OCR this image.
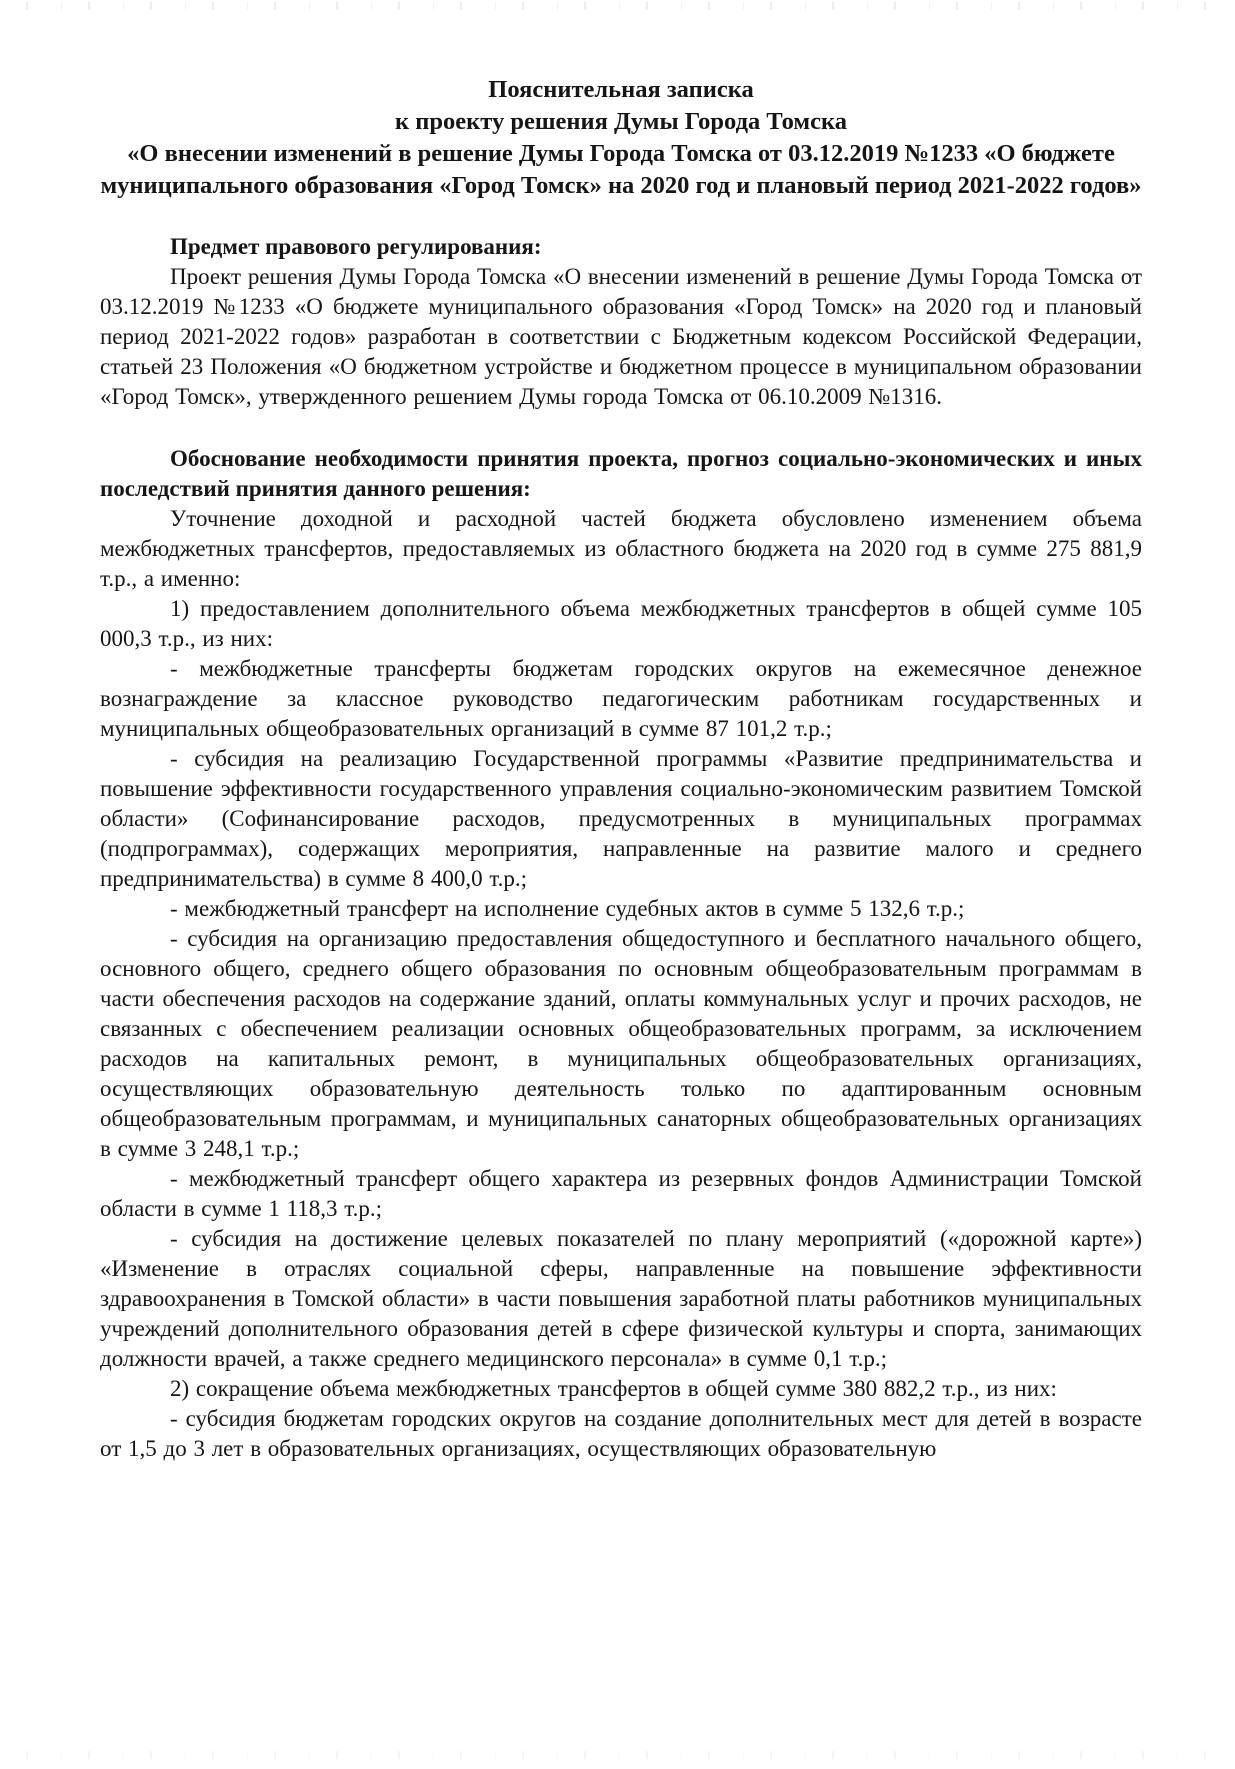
Пояснительная записка
к проекту решения Думы Города Томска
«О внесении изменений в решение Думы Города Томска от 03.12.2019 №1233 «О бюджете муниципального образования «Город Томск» на 2020 год и плановый период 2021-2022 годов»
Предмет правового регулирования:

Проект решения Думы Города Томска «О внесении изменений в решение Думы Города Томска от 03.12.2019 №1233 «О бюджете муниципального образования «Город Томск» на 2020 год и плановый период 2021-2022 годов» разработан в соответствии с Бюджетным кодексом Российской Федерации, статьей 23 Положения «О бюджетном устройстве и бюджетном процессе в муниципальном образовании «Город Томск», утвержденного решением Думы города Томска от 06.10.2009 №1316.

Обоснование необходимости принятия проекта, прогноз социально-экономических и иных последствий принятия данного решения:

Уточнение доходной и расходной частей бюджета обусловлено изменением объема межбюджетных трансфертов, предоставляемых из областного бюджета на 2020 год в сумме 275 881,9 т.р., а именно:

1) предоставлением дополнительного объема межбюджетных трансфертов в общей сумме 105 000,3 т.р., из них:

- межбюджетные трансферты бюджетам городских округов на ежемесячное денежное вознаграждение за классное руководство педагогическим работникам государственных и муниципальных общеобразовательных организаций в сумме 87 101,2 т.р.;

- субсидия на реализацию Государственной программы «Развитие предпринимательства и повышение эффективности государственного управления социально-экономическим развитием Томской области» (Софинансирование расходов, предусмотренных в муниципальных программах (подпрограммах), содержащих мероприятия, направленные на развитие малого и среднего предпринимательства) в сумме 8 400,0 т.р.;

- межбюджетный трансферт на исполнение судебных актов в сумме 5 132,6 т.р.;

- субсидия на организацию предоставления общедоступного и бесплатного начального общего, основного общего, среднего общего образования по основным общеобразовательным программам в части обеспечения расходов на содержание зданий, оплаты коммунальных услуг и прочих расходов, не связанных с обеспечением реализации основных общеобразовательных программ, за исключением расходов на капитальных ремонт, в муниципальных общеобразовательных организациях, осуществляющих образовательную деятельность только по адаптированным основным общеобразовательным программам, и муниципальных санаторных общеобразовательных организациях в сумме 3 248,1 т.р.;

- межбюджетный трансферт общего характера из резервных фондов Администрации Томской области в сумме 1 118,3 т.р.;

- субсидия на достижение целевых показателей по плану мероприятий («дорожной карте») «Изменение в отраслях социальной сферы, направленные на повышение эффективности здравоохранения в Томской области» в части повышения заработной платы работников муниципальных учреждений дополнительного образования детей в сфере физической культуры и спорта, занимающих должности врачей, а также среднего медицинского персонала» в сумме 0,1 т.р.;

2) сокращение объема межбюджетных трансфертов в общей сумме 380 882,2 т.р., из них:

- субсидия бюджетам городских округов на создание дополнительных мест для детей в возрасте от 1,5 до 3 лет в образовательных организациях, осуществляющих образовательную
